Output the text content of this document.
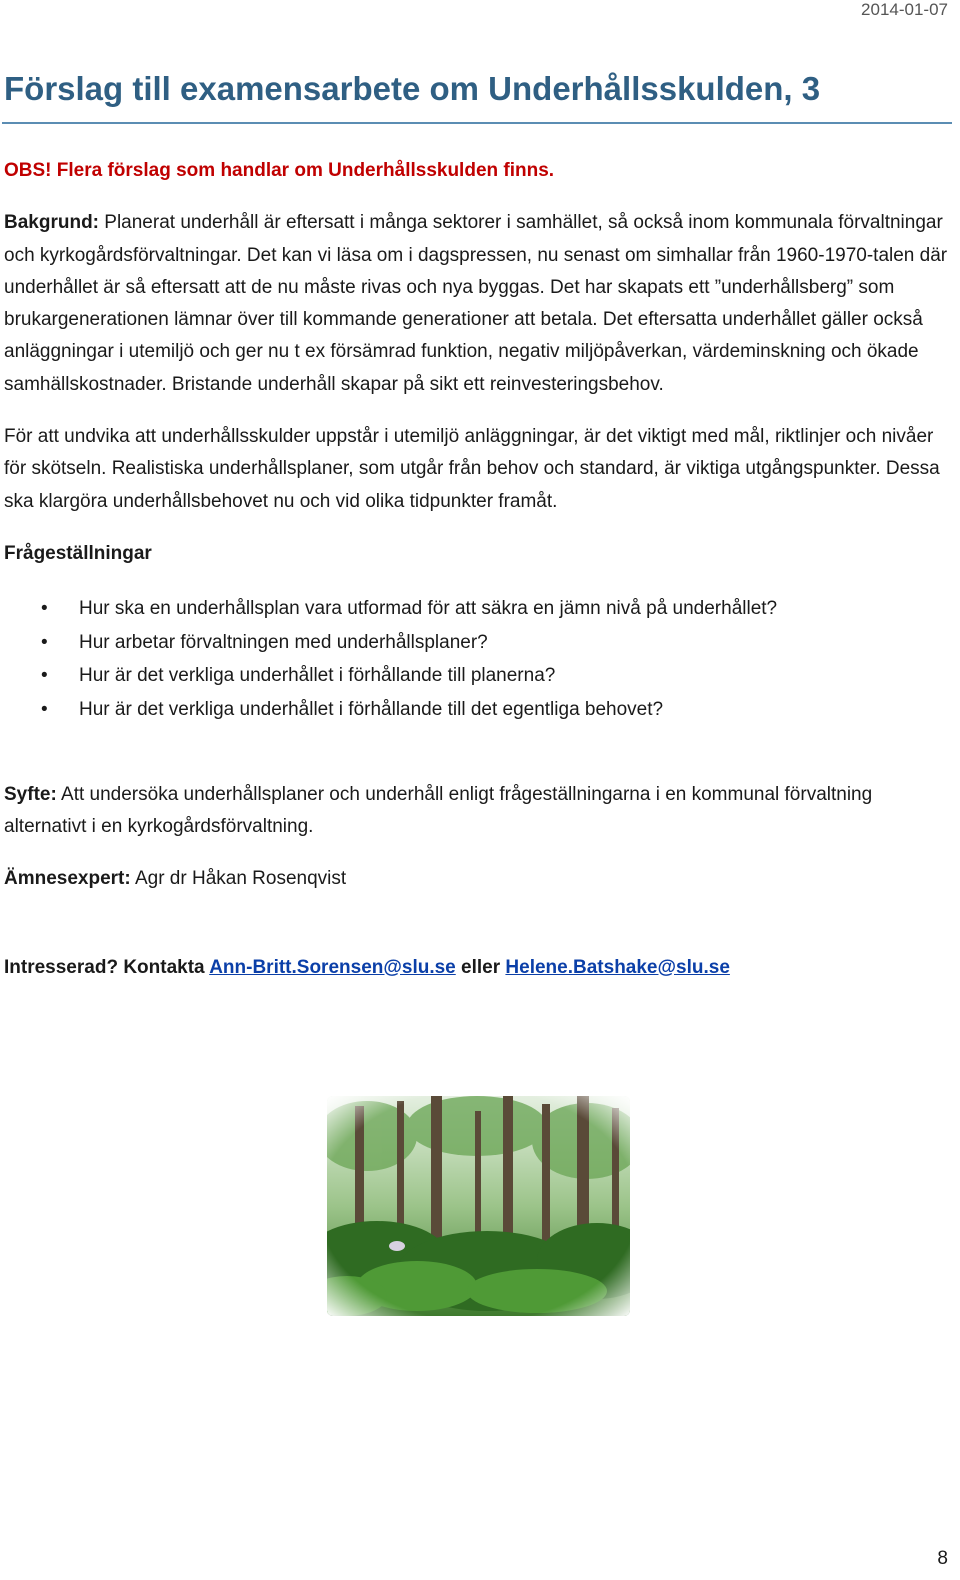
2014-01-07
Förslag till examensarbete om Underhållsskulden, 3

OBS! Flera förslag som handlar om Underhållsskulden finns.

Bakgrund: Planerat underhåll är eftersatt i många sektorer i samhället, så också inom kommunala förvaltningar och kyrkogårdsförvaltningar. Det kan vi läsa om i dagspressen, nu senast om simhallar från 1960-1970-talen där underhållet är så eftersatt att de nu måste rivas och nya byggas. Det har skapats ett ”underhållsberg” som brukargenerationen lämnar över till kommande generationer att betala. Det eftersatta underhållet gäller också anläggningar i utemiljö och ger nu t ex försämrad funktion, negativ miljöpåverkan, värdeminskning och ökade samhällskostnader. Bristande underhåll skapar på sikt ett reinvesteringsbehov.

För att undvika att underhållsskulder uppstår i utemiljö anläggningar, är det viktigt med mål, riktlinjer och nivåer för skötseln. Realistiska underhållsplaner, som utgår från behov och standard, är viktiga utgångspunkter. Dessa ska klargöra underhållsbehovet nu och vid olika tidpunkter framåt.

Frågeställningar

• Hur ska en underhållsplan vara utformad för att säkra en jämn nivå på underhållet?
• Hur arbetar förvaltningen med underhållsplaner?
• Hur är det verkliga underhållet i förhållande till planerna?
• Hur är det verkliga underhållet i förhållande till det egentliga behovet?

Syfte: Att undersöka underhållsplaner och underhåll enligt frågeställningarna i en kommunal förvaltning alternativt i en kyrkogårdsförvaltning.

Ämnesexpert: Agr dr Håkan Rosenqvist

Intresserad? Kontakta Ann-Britt.Sorensen@slu.se eller Helene.Batshake@slu.se

8
